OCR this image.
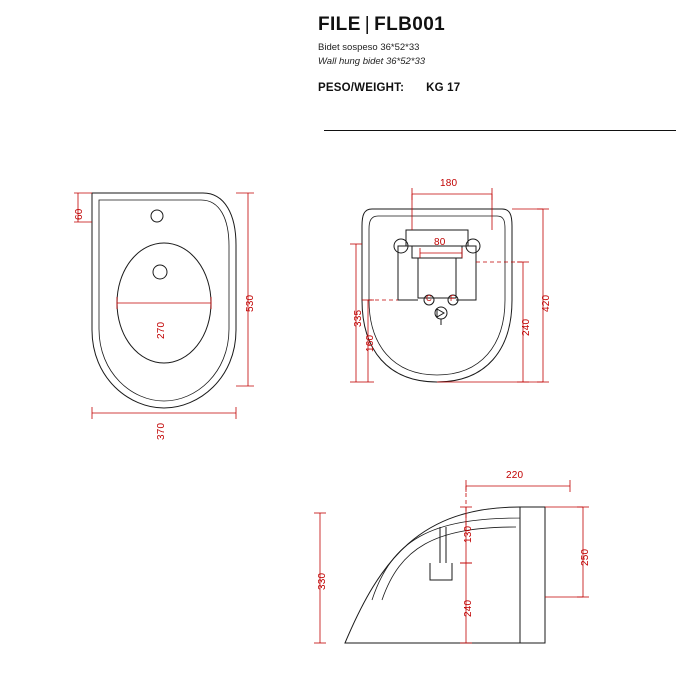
FILE | FLB001
Bidet sospeso 36*52*33
Wall hung bidet 36*52*33
PESO/WEIGHT: KG 17
60
530
270
370
180
80
335
160
240
420
C F
220
130
330
240
250
